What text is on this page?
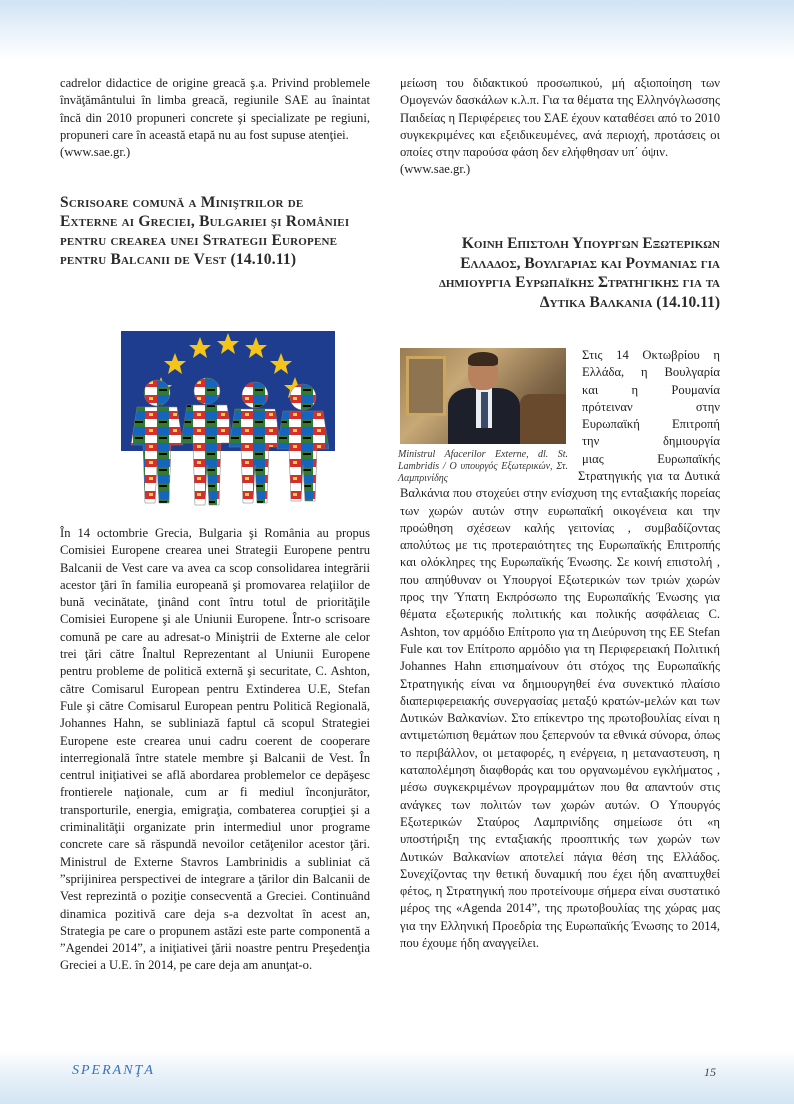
cadrelor didactice de origine greacă ş.a. Privind problemele învăţământului în limba greacă, regiunile SAE au înaintat încă din 2010 propuneri concrete şi specializate pe regiuni, propuneri care în această etapă nu au fost supuse atenţiei.

(www.sae.gr.)

Scrisoare comună a Miniştrilor de Externe ai Greciei, Bulgariei şi României pentru crearea unei Strategii Europene pentru Balcanii de Vest (14.10.11)

În 14 octombrie Grecia, Bulgaria şi România au propus Comisiei Europene crearea unei Strategii Europene pentru Balcanii de Vest care va avea ca scop consolidarea integrării acestor ţări în familia europeană şi promovarea relaţiilor de bună vecinătate, ţinând cont întru totul de priorităţile Comisiei Europene şi ale Uniunii Europene. Într-o scrisoare comună pe care au adresat-o Miniştrii de Externe ale celor trei ţări către Înaltul Reprezentant al Uniunii Europene pentru probleme de politică externă şi securitate, C. Ashton, către Comisarul European pentru Extinderea U.E, Stefan Fule şi către Comisarul European pentru Politică Regională, Johannes Hahn, se subliniază faptul că scopul Strategiei Europene este crearea unui cadru coerent de cooperare interregională între statele membre şi Balcanii de Vest. În centrul iniţiativei se află abordarea problemelor ce depăşesc frontierele naţionale, cum ar fi mediul înconjurător, transporturile, energia, emigraţia, combaterea corupţiei şi a criminalităţii organizate prin intermediul unor programe concrete care să răspundă nevoilor cetăţenilor acestor ţări. Ministrul de Externe Stavros Lambrinidis a subliniat că ”sprijinirea perspectivei de integrare a ţărilor din Balcanii de Vest reprezintă o poziţie consecventă a Greciei. Continuând dinamica pozitivă care deja s-a dezvoltat în acest an, Strategia pe care o propunem astăzi este parte componentă a ”Agendei 2014”, a iniţiativei ţării noastre pentru Preşedenţia Greciei a U.E. în 2014, pe care deja am anunţat-o.

μείωση του διδακτικού προσωπικού, μή αξιοποίηση των Ομογενών δασκάλων κ.λ.π. Για τα θέματα της Ελληνόγλωσσης Παιδείας η Περιφέρειες του ΣΑΕ έχουν καταθέσει από το 2010 συγκεκριμένες και εξειδικευμένες, ανά περιοχή, προτάσεις οι οποίες στην παρούσα φάση δεν ελήφθησαν υπ΄ όψιν.

(www.sae.gr.)

Κοινη Επιστολη Υπουργων Εξωτερικων Ελλαδος, Βουλγαριας και Ρουμανιας για δημιουργια Ευρωπαϊκης Στρατηγικης για τα Δυτικα Βαλκανια (14.10.11)

Ministrul Afacerilor Externe, dl. St. Lambridis / O υπουργός Εξωτερικών, Στ. Λαμπρινίδης

Στις 14 Οκτωβρίου η
Ελλάδα, η Βουλγαρία
και η Ρουμανία
πρότειναν στην
Ευρωπαϊκή Επιτροπή
την δημιουργία
μιας Ευρωπαϊκής

Στρατηγικής για τα Δυτικά Βαλκάνια που στοχεύει στην ενίσχυση της ενταξιακής πορείας των χωρών αυτών στην ευρωπαϊκή οικογένεια και την προώθηση σχέσεων καλής γειτονίας , συμβαδίζοντας απολύτως με τις προτεραιότητες της Ευρωπαϊκής Επιτροπής και ολόκληρες της Ευρωπαϊκής Ένωσης. Σε κοινή επιστολή , που απηύθυναν οι Υπουργοί Εξωτερικών των τριών χωρών προς την Ύπατη Εκπρόσωπο της Ευρωπαϊκής Ένωσης για θέματα εξωτερικής πολιτικής και πολικής ασφάλειας C. Ashton, τον αρμόδιο Επίτροπο για τη Διεύρυνση της ΕΕ Stefan Fule και τον Επίτροπο αρμόδιο για τη Περιφερειακή Πολιτική Johannes Hahn επισημαίνουν ότι στόχος της Ευρωπαϊκής Στρατηγικής είναι να δημιουργηθεί ένα συνεκτικό πλαίσιο διαπεριφερειακής συνεργασίας μεταξύ κρατών-μελών και των Δυτικών Βαλκανίων. Στο επίκεντρο της πρωτοβουλίας είναι η αντιμετώπιση θεμάτων που ξεπερνούν τα εθνικά σύνορα, όπως το περιβάλλον, οι μεταφορές, η ενέργεια, η μεταναστευση, η καταπολέμηση διαφθοράς και του οργανωμένου εγκλήματος , μέσω συγκεκριμένων προγραμμάτων που θα απαντούν στις ανάγκες των πολιτών των χωρών αυτών. Ο Υπουργός Εξωτερικών Σταύρος Λαμπρινίδης σημείωσε ότι «η υποστήριξη της ενταξιακής προοπτικής των χωρών των Δυτικών Βαλκανίων αποτελεί πάγια θέση της Ελλάδος. Συνεχίζοντας την θετική δυναμική που έχει ήδη αναπτυχθεί φέτος, η Στρατηγική που προτείνουμε σήμερα είναι συστατικό μέρος της «Agenda 2014”, της πρωτοβουλίας της χώρας μας για την Ελληνική Προεδρία της Ευρωπαϊκής Ένωσης το 2014, που έχουμε ήδη αναγγείλει.

SPERANŢA	15
